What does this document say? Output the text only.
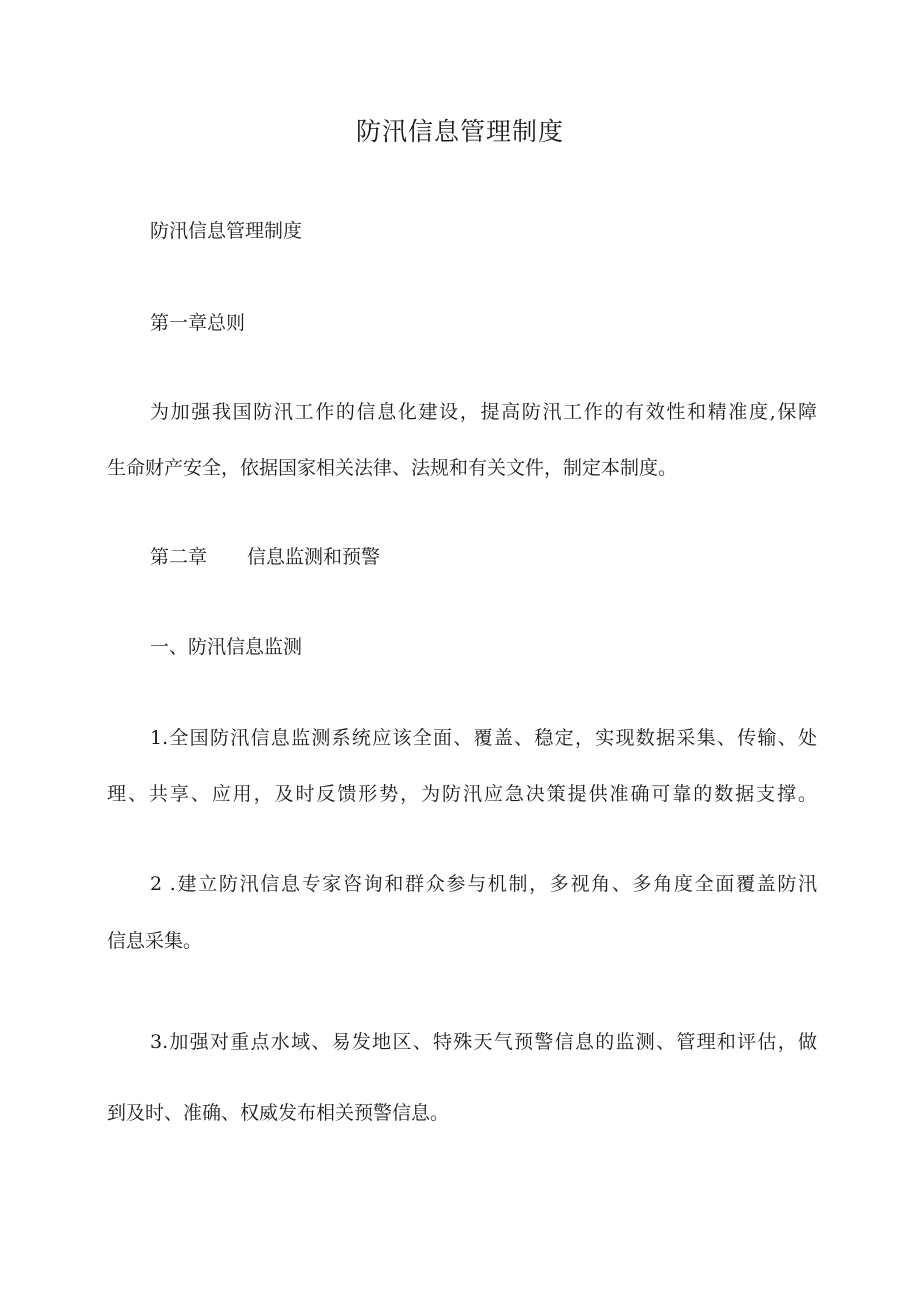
防汛信息管理制度

防汛信息管理制度

第一章总则

为加强我国防汛工作的信息化建设，提高防汛工作的有效性和精准度,保障

生命财产安全，依据国家相关法律、法规和有关文件，制定本制度。

第二章 信息监测和预警

一、防汛信息监测

1.全国防汛信息监测系统应该全面、覆盖、稳定，实现数据采集、传输、处

理、共享、应用，及时反馈形势，为防汛应急决策提供准确可靠的数据支撑。

2 .建立防汛信息专家咨询和群众参与机制，多视角、多角度全面覆盖防汛

信息采集。

3.加强对重点水域、易发地区、特殊天气预警信息的监测、管理和评估，做

到及时、准确、权威发布相关预警信息。
